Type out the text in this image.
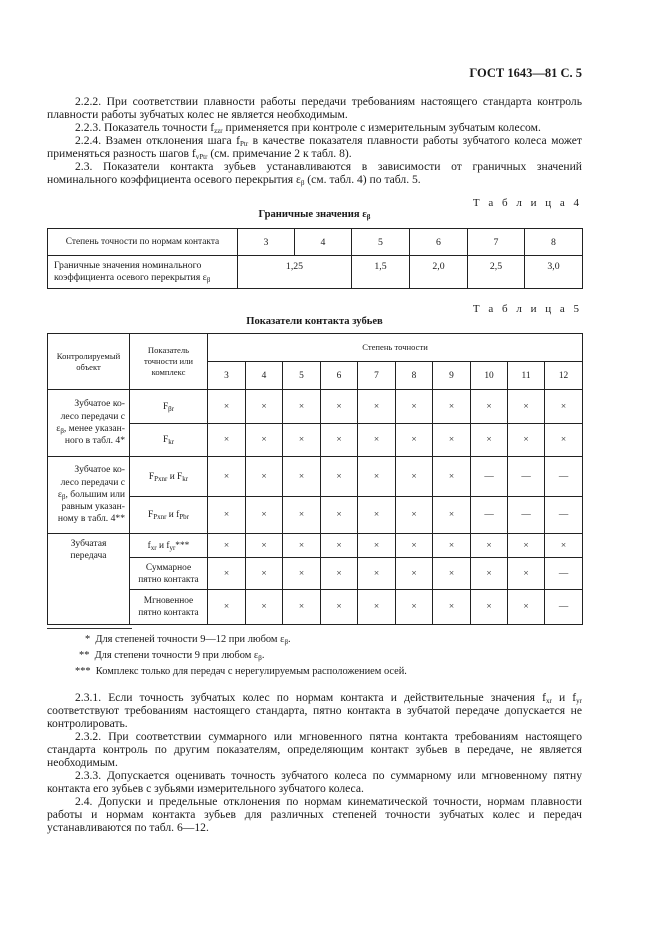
ГОСТ 1643—81 С. 5

2.2.2. При соответствии плавности работы передачи требованиям настоящего стандарта контроль плавности работы зубчатых колес не является необходимым.

2.2.3. Показатель точности $f_{zzr}$ применяется при контроле с измерительным зубчатым колесом.

2.2.4. Взамен отклонения шага $f_{Ptr}$ в качестве показателя плавности работы зубчатого колеса может применяться разность шагов $f_{vPtr}$ (см. примечание 2 к табл. 8).

2.3. Показатели контакта зубьев устанавливаются в зависимости от граничных значений номинального коэффициента осевого перекрытия $\varepsilon_\beta$ (см. табл. 4) по табл. 5.

Т а б л и ц а 4
Граничные значения $\varepsilon_\beta$
Степень точности по нормам контакта	3	4	5	6	7	8
Граничные значения номинального
коэффициента осевого перекрытия $\varepsilon_\beta$	1,25		1,5	2,0	2,5	3,0
Т а б л и ц а 5
Показатели контакта зубьев
Контролируемый объект	Показатель точности или комплекс	Степень точности									
		3	4	5	6	7	8	9	10	11	12
Зубчатое ко-
лесо передачи с
$\varepsilon_\beta$, менее указан-
ного в табл. 4*	$F_{\beta r}$	×	×	×	×	×	×	×	×	×	×
	$F_{kr}$	×	×	×	×	×	×	×	×	×	×
Зубчатое ко-
лесо передачи с
$\varepsilon_\beta$, большим или
равным указан-
ному в табл. 4**	$F_{Pxnr}$ и $F_{kr}$	×	×	×	×	×	×	×	—	—	—
	$F_{Pxnr}$ и $f_{Pbr}$	×	×	×	×	×	×	×	—	—	—
Зубчатая
передача	$f_{xr}$ и $f_{yr}***$	×	×	×	×	×	×	×	×	×	×
	Суммарное
пятно контакта	×	×	×	×	×	×	×	×	×	—
	Мгновенное
пятно контакта	×	×	×	×	×	×	×	×	×	—
* Для степеней точности 9—12 при любом $\varepsilon_\beta$.
** Для степени точности 9 при любом $\varepsilon_\beta$.
*** Комплекс только для передач с нерегулируемым расположением осей.

2.3.1. Если точность зубчатых колес по нормам контакта и действительные значения $f_{xr}$ и $f_{yr}$ соответствуют требованиям настоящего стандарта, пятно контакта в зубчатой передаче допускается не контролировать.

2.3.2. При соответствии суммарного или мгновенного пятна контакта требованиям настоящего стандарта контроль по другим показателям, определяющим контакт зубьев в передаче, не является необходимым.

2.3.3. Допускается оценивать точность зубчатого колеса по суммарному или мгновенному пятну контакта его зубьев с зубьями измерительного зубчатого колеса.

2.4. Допуски и предельные отклонения по нормам кинематической точности, нормам плавности работы и нормам контакта зубьев для различных степеней точности зубчатых колес и передач устанавливаются по табл. 6—12.
